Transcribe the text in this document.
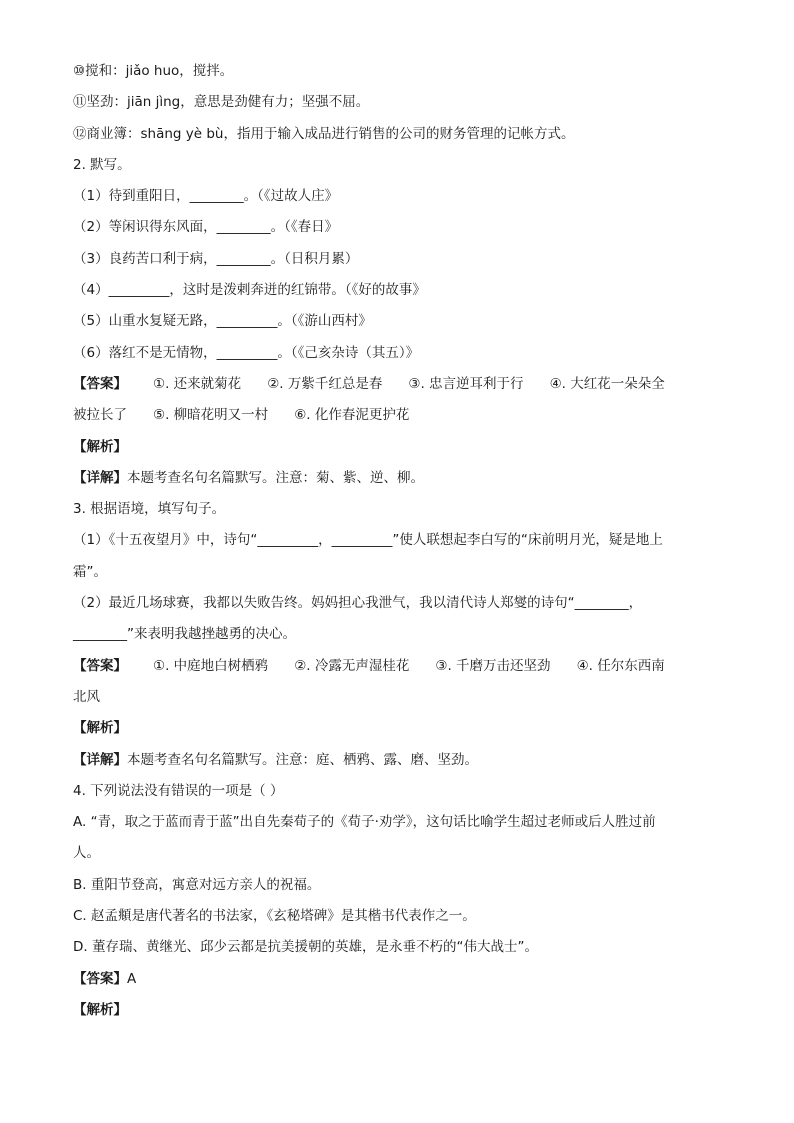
⑩搅和：jiǎo huo，搅拌。
⑪坚劲：jiān jìng，意思是劲健有力；坚强不屈。
⑫商业簿：shāng yè bù，指用于输入成品进行销售的公司的财务管理的记帐方式。
2. 默写。
（1）待到重阳日，________。（《过故人庄》
（2）等闲识得东风面，________。（《春日》
（3）良药苦口利于病，________。（日积月累）
（4）_________，这时是泼剌奔迸的红锦带。（《好的故事》
（5）山重水复疑无路，_________。（《游山西村》
（6）落红不是无情物，_________。（《己亥杂诗（其五）》
【答案】 ①. 还来就菊花 ②. 万紫千红总是春 ③. 忠言逆耳利于行 ④. 大红花一朵朵全
被拉长了 ⑤. 柳暗花明又一村 ⑥. 化作春泥更护花
【解析】
【详解】本题考查名句名篇默写。注意：菊、紫、逆、柳。
3. 根据语境，填写句子。
（1）《十五夜望月》中，诗句“_________，_________”使人联想起李白写的“床前明月光，疑是地上
霜”。
（2）最近几场球赛，我都以失败告终。妈妈担心我泄气，我以清代诗人郑燮的诗句“________，
________”来表明我越挫越勇的决心。
【答案】 ①. 中庭地白树栖鸦 ②. 冷露无声湿桂花 ③. 千磨万击还坚劲 ④. 任尔东西南
北风
【解析】
【详解】本题考查名句名篇默写。注意：庭、栖鸦、露、磨、坚劲。
4. 下列说法没有错误的一项是（ ）
A. “青，取之于蓝而青于蓝”出自先秦荀子的《荀子·劝学》，这句话比喻学生超过老师或后人胜过前
人。
B. 重阳节登高，寓意对远方亲人的祝福。
C. 赵孟頫是唐代著名的书法家，《玄秘塔碑》是其楷书代表作之一。
D. 董存瑞、黄继光、邱少云都是抗美援朝的英雄，是永垂不朽的“伟大战士”。
【答案】A
【解析】
